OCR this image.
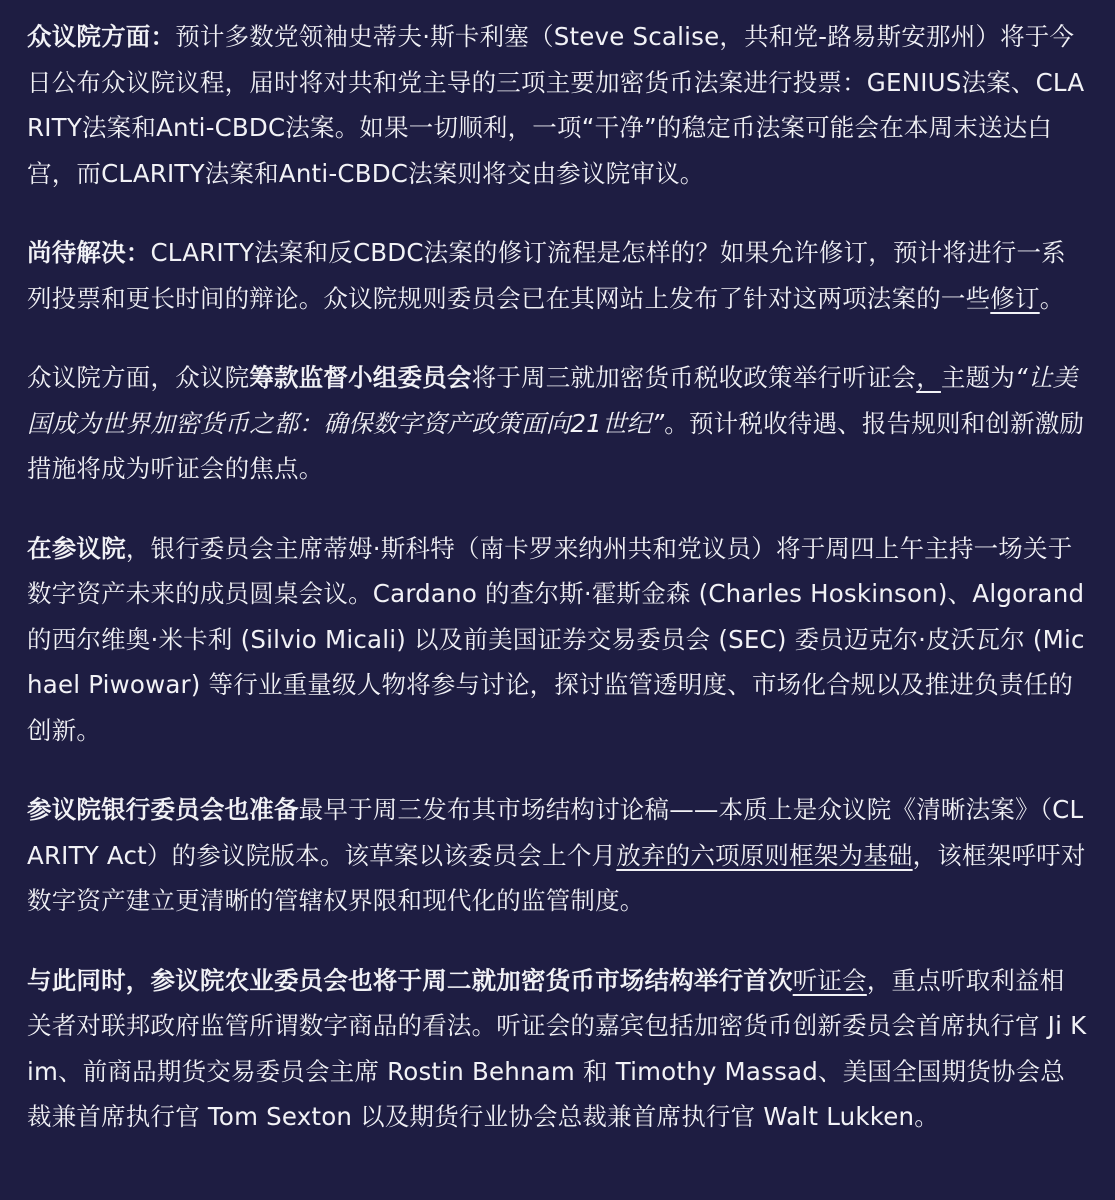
众议院方面：预计多数党领袖史蒂夫·斯卡利塞（Steve Scalise，共和党-路易斯安那州）将于今日公布众议院议程，届时将对共和党主导的三项主要加密货币法案进行投票：GENIUS法案、CLARITY法案和Anti-CBDC法案。如果一切顺利，一项“干净”的稳定币法案可能会在本周末送达白宫，而CLARITY法案和Anti-CBDC法案则将交由参议院审议。

尚待解决：CLARITY法案和反CBDC法案的修订流程是怎样的？如果允许修订，预计将进行一系列投票和更长时间的辩论。众议院规则委员会已在其网站上发布了针对这两项法案的一些修订。

众议院方面，众议院筹款监督小组委员会将于周三就加密货币税收政策举行听证会，主题为“让美国成为世界加密货币之都：确保数字资产政策面向21世纪”。预计税收待遇、报告规则和创新激励措施将成为听证会的焦点。

在参议院，银行委员会主席蒂姆·斯科特（南卡罗来纳州共和党议员）将于周四上午主持一场关于数字资产未来的成员圆桌会议。Cardano 的查尔斯·霍斯金森 (Charles Hoskinson)、Algorand 的西尔维奥·米卡利 (Silvio Micali) 以及前美国证券交易委员会 (SEC) 委员迈克尔·皮沃瓦尔 (Michael Piwowar) 等行业重量级人物将参与讨论，探讨监管透明度、市场化合规以及推进负责任的创新。

参议院银行委员会也准备最早于周三发布其市场结构讨论稿——本质上是众议院《清晰法案》（CLARITY Act）的参议院版本。该草案以该委员会上个月放弃的六项原则框架为基础，该框架呼吁对数字资产建立更清晰的管辖权界限和现代化的监管制度。

与此同时，参议院农业委员会也将于周二就加密货币市场结构举行首次听证会，重点听取利益相关者对联邦政府监管所谓数字商品的看法。听证会的嘉宾包括加密货币创新委员会首席执行官 Ji Kim、前商品期货交易委员会主席 Rostin Behnam 和 Timothy Massad、美国全国期货协会总裁兼首席执行官 Tom Sexton 以及期货行业协会总裁兼首席执行官 Walt Lukken。
